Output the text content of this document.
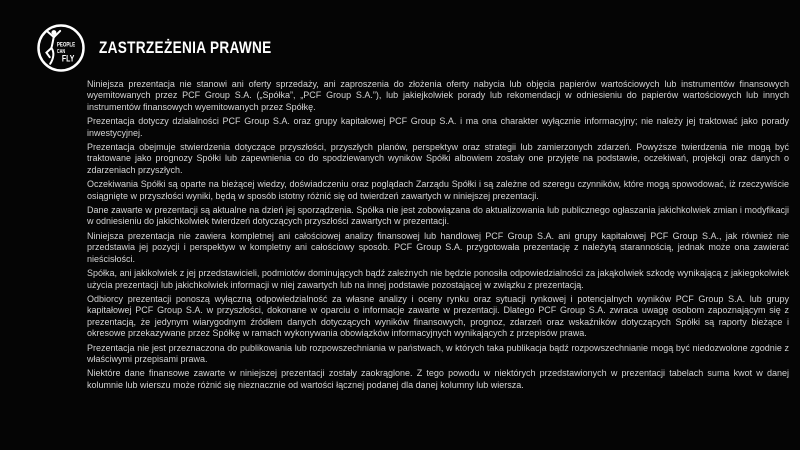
PEOPLE
CAN
FLY
ZASTRZEŻENIA PRAWNE

Niniejsza prezentacja nie stanowi ani oferty sprzedaży, ani zaproszenia do złożenia oferty nabycia lub objęcia papierów wartościowych lub instrumentów finansowych wyemitowanych przez PCF Group S.A. („Spółka”, „PCF Group S.A.”), lub jakiejkolwiek porady lub rekomendacji w odniesieniu do papierów wartościowych lub innych instrumentów finansowych wyemitowanych przez Spółkę.

Prezentacja dotyczy działalności PCF Group S.A. oraz grupy kapitałowej PCF Group S.A. i ma ona charakter wyłącznie informacyjny; nie należy jej traktować jako porady inwestycyjnej.

Prezentacja obejmuje stwierdzenia dotyczące przyszłości, przyszłych planów, perspektyw oraz strategii lub zamierzonych zdarzeń. Powyższe twierdzenia nie mogą być traktowane jako prognozy Spółki lub zapewnienia co do spodziewanych wyników Spółki albowiem zostały one przyjęte na podstawie, oczekiwań, projekcji oraz danych o zdarzeniach przyszłych.

Oczekiwania Spółki są oparte na bieżącej wiedzy, doświadczeniu oraz poglądach Zarządu Spółki i są zależne od szeregu czynników, które mogą spowodować, iż rzeczywiście osiągnięte w przyszłości wyniki, będą w sposób istotny różnić się od twierdzeń zawartych w niniejszej prezentacji.

Dane zawarte w prezentacji są aktualne na dzień jej sporządzenia. Spółka nie jest zobowiązana do aktualizowania lub publicznego ogłaszania jakichkolwiek zmian i modyfikacji w odniesieniu do jakichkolwiek twierdzeń dotyczących przyszłości zawartych w prezentacji.

Niniejsza prezentacja nie zawiera kompletnej ani całościowej analizy finansowej lub handlowej PCF Group S.A. ani grupy kapitałowej PCF Group S.A., jak również nie przedstawia jej pozycji i perspektyw w kompletny ani całościowy sposób. PCF Group S.A. przygotowała prezentację z należytą starannością, jednak może ona zawierać nieścisłości.

Spółka, ani jakikolwiek z jej przedstawicieli, podmiotów dominujących bądź zależnych nie będzie ponosiła odpowiedzialności za jakąkolwiek szkodę wynikającą z jakiegokolwiek użycia prezentacji lub jakichkolwiek informacji w niej zawartych lub na innej podstawie pozostającej w związku z prezentacją.

Odbiorcy prezentacji ponoszą wyłączną odpowiedzialność za własne analizy i oceny rynku oraz sytuacji rynkowej i potencjalnych wyników PCF Group S.A. lub grupy kapitałowej PCF Group S.A. w przyszłości, dokonane w oparciu o informacje zawarte w prezentacji. Dlatego PCF Group S.A. zwraca uwagę osobom zapoznającym się z prezentacją, że jedynym wiarygodnym źródłem danych dotyczących wyników finansowych, prognoz, zdarzeń oraz wskaźników dotyczących Spółki są raporty bieżące i okresowe przekazywane przez Spółkę w ramach wykonywania obowiązków informacyjnych wynikających z przepisów prawa.

Prezentacja nie jest przeznaczona do publikowania lub rozpowszechniania w państwach, w których taka publikacja bądź rozpowszechnianie mogą być niedozwolone zgodnie z właściwymi przepisami prawa.

Niektóre dane finansowe zawarte w niniejszej prezentacji zostały zaokrąglone. Z tego powodu w niektórych przedstawionych w prezentacji tabelach suma kwot w danej kolumnie lub wierszu może różnić się nieznacznie od wartości łącznej podanej dla danej kolumny lub wiersza.
